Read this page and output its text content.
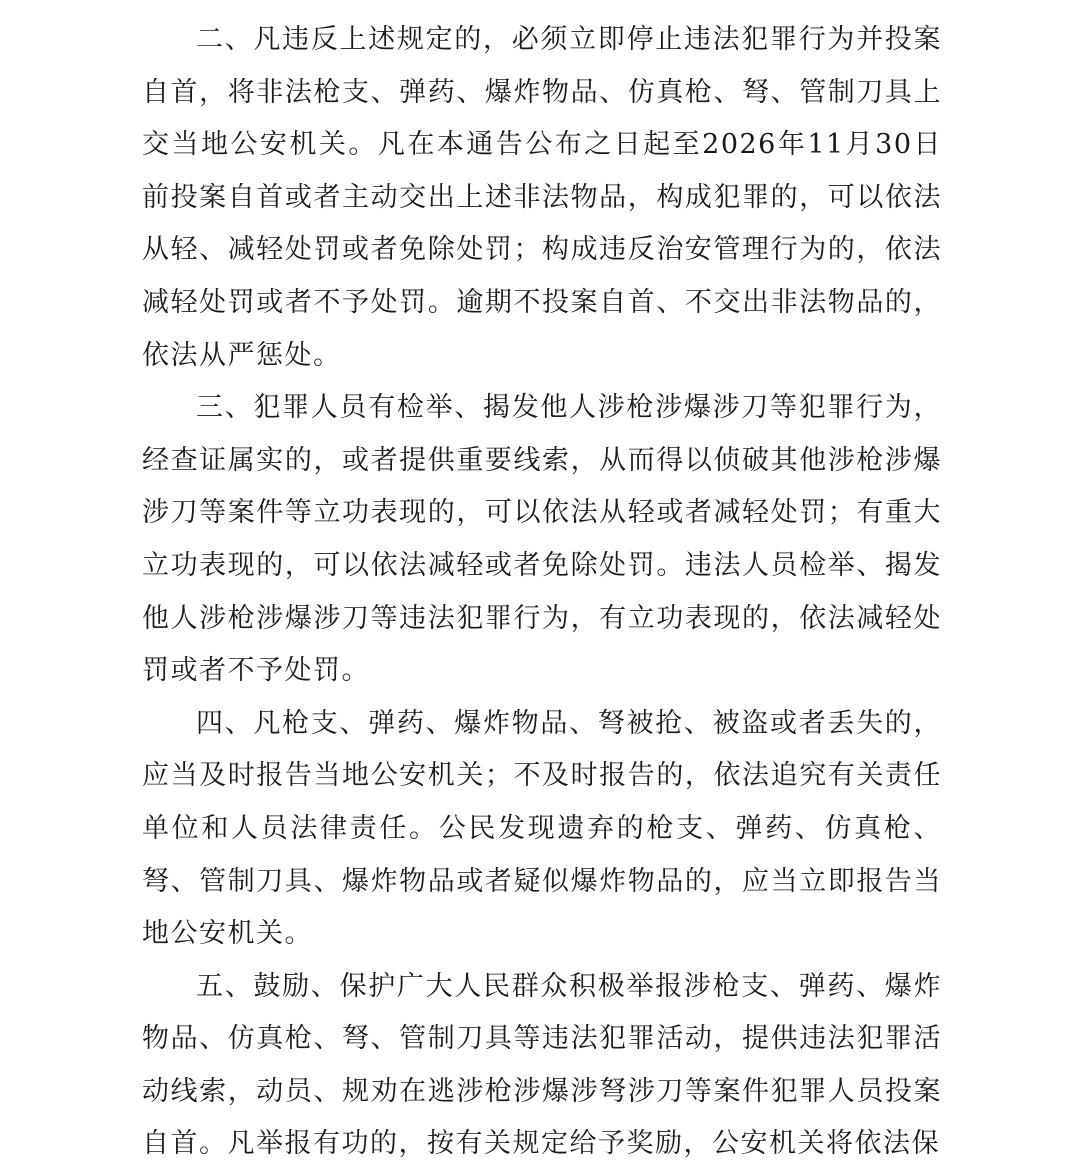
二、凡违反上述规定的，必须立即停止违法犯罪行为并投案自首，将非法枪支、弹药、爆炸物品、仿真枪、弩、管制刀具上交当地公安机关。凡在本通告公布之日起至2026年11月30日前投案自首或者主动交出上述非法物品，构成犯罪的，可以依法从轻、减轻处罚或者免除处罚；构成违反治安管理行为的，依法减轻处罚或者不予处罚。逾期不投案自首、不交出非法物品的，依法从严惩处。

三、犯罪人员有检举、揭发他人涉枪涉爆涉刀等犯罪行为，经查证属实的，或者提供重要线索，从而得以侦破其他涉枪涉爆涉刀等案件等立功表现的，可以依法从轻或者减轻处罚；有重大立功表现的，可以依法减轻或者免除处罚。违法人员检举、揭发他人涉枪涉爆涉刀等违法犯罪行为，有立功表现的，依法减轻处罚或者不予处罚。

四、凡枪支、弹药、爆炸物品、弩被抢、被盗或者丢失的，应当及时报告当地公安机关；不及时报告的，依法追究有关责任单位和人员法律责任。公民发现遗弃的枪支、弹药、仿真枪、弩、管制刀具、爆炸物品或者疑似爆炸物品的，应当立即报告当地公安机关。

五、鼓励、保护广大人民群众积极举报涉枪支、弹药、爆炸物品、仿真枪、弩、管制刀具等违法犯罪活动，提供违法犯罪活动线索，动员、规劝在逃涉枪涉爆涉弩涉刀等案件犯罪人员投案自首。凡举报有功的，按有关规定给予奖励，公安机关将依法保
